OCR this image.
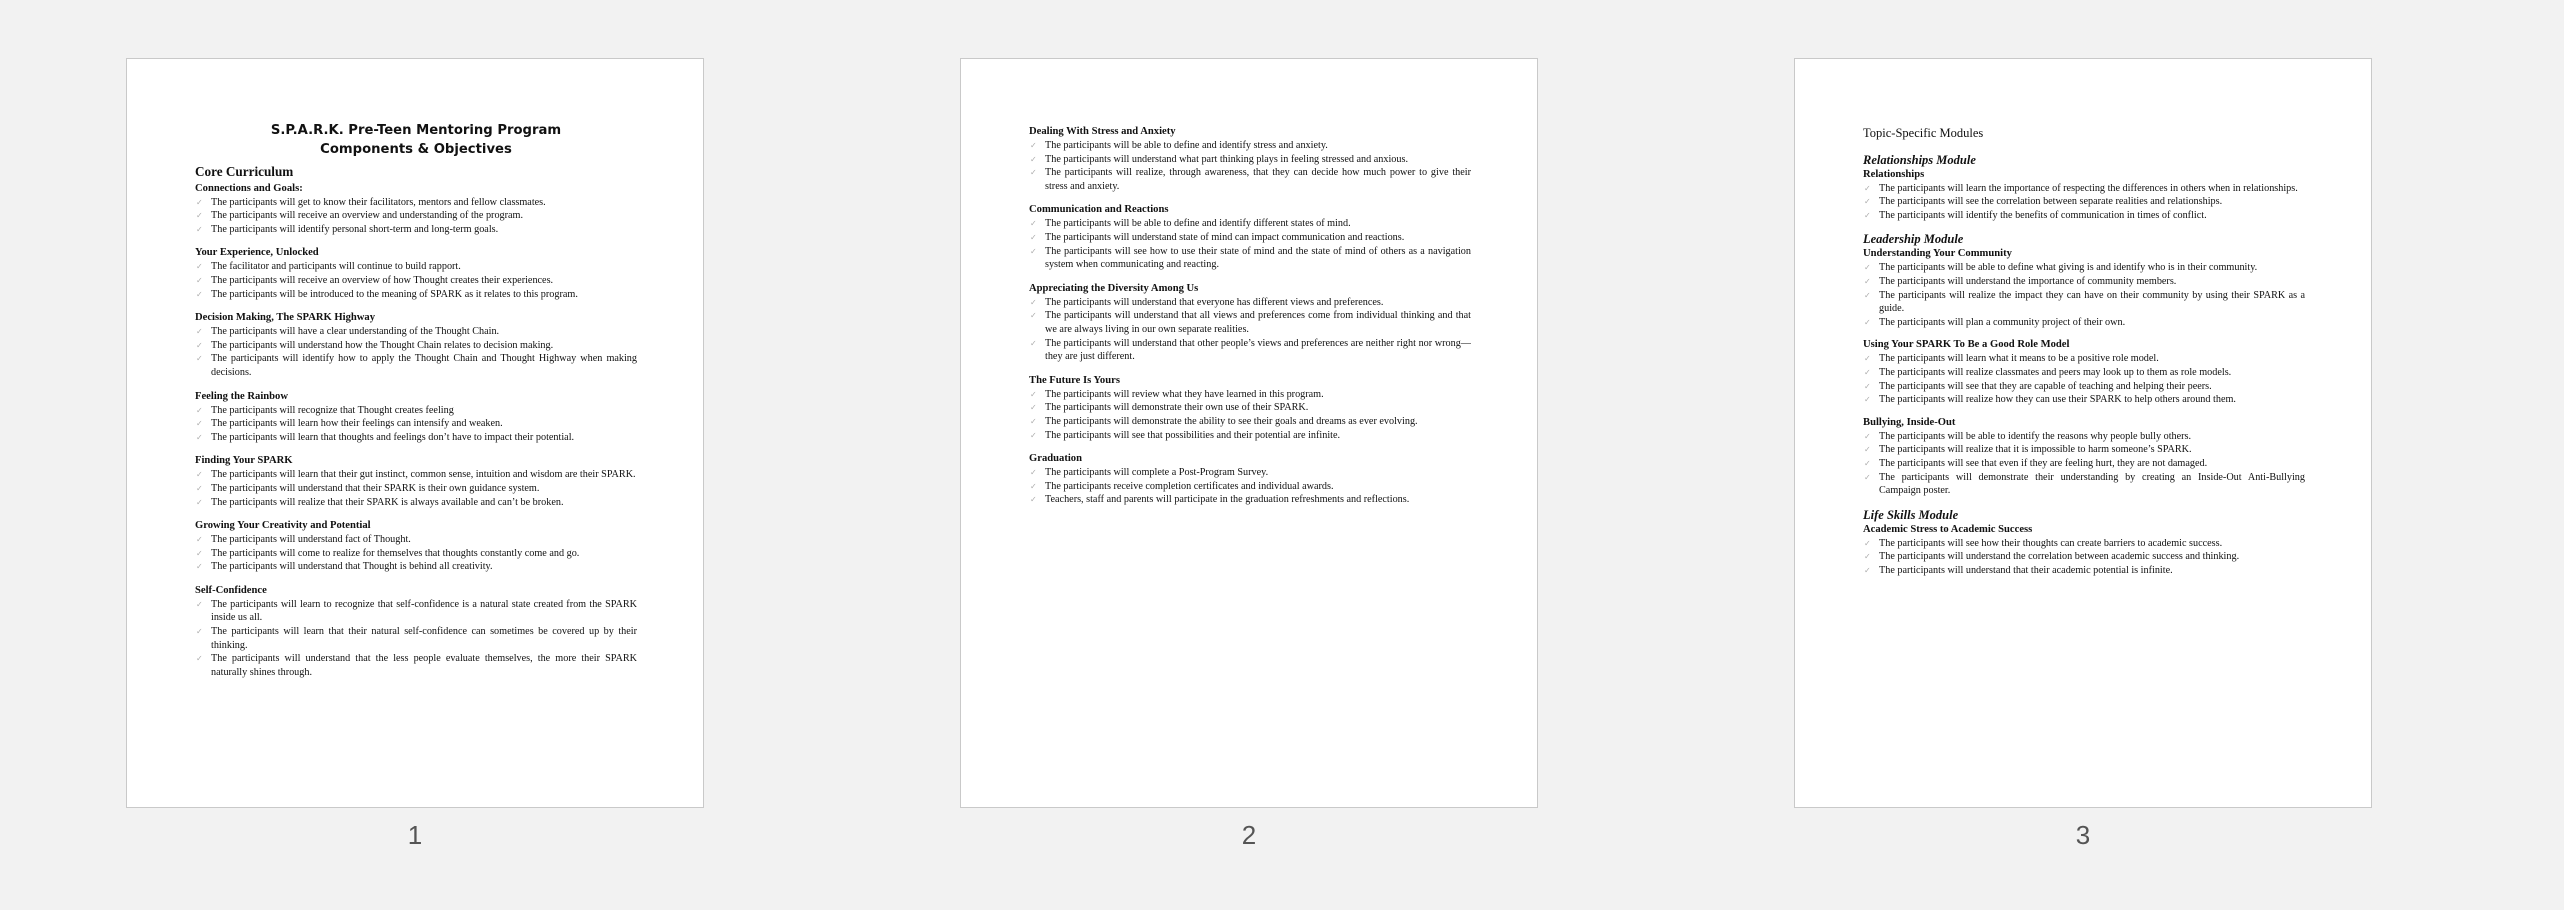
S.P.A.R.K. Pre-Teen Mentoring Program
Components & Objectives
Core Curriculum
Connections and Goals:
✓ The participants will get to know their facilitators, mentors and fellow classmates.
✓ The participants will receive an overview and understanding of the program.
✓ The participants will identify personal short-term and long-term goals.
Your Experience, Unlocked
✓ The facilitator and participants will continue to build rapport.
✓ The participants will receive an overview of how Thought creates their experiences.
✓ The participants will be introduced to the meaning of SPARK as it relates to this program.
Decision Making, The SPARK Highway
✓ The participants will have a clear understanding of the Thought Chain.
✓ The participants will understand how the Thought Chain relates to decision making.
✓ The participants will identify how to apply the Thought Chain and Thought Highway when making decisions.
Feeling the Rainbow
✓ The participants will recognize that Thought creates feeling
✓ The participants will learn how their feelings can intensify and weaken.
✓ The participants will learn that thoughts and feelings don’t have to impact their potential.
Finding Your SPARK
✓ The participants will learn that their gut instinct, common sense, intuition and wisdom are their SPARK.
✓ The participants will understand that their SPARK is their own guidance system.
✓ The participants will realize that their SPARK is always available and can’t be broken.
Growing Your Creativity and Potential
✓ The participants will understand fact of Thought.
✓ The participants will come to realize for themselves that thoughts constantly come and go.
✓ The participants will understand that Thought is behind all creativity.
Self-Confidence
✓ The participants will learn to recognize that self-confidence is a natural state created from the SPARK inside us all.
✓ The participants will learn that their natural self-confidence can sometimes be covered up by their thinking.
✓ The participants will understand that the less people evaluate themselves, the more their SPARK naturally shines through.
1
Dealing With Stress and Anxiety
✓ The participants will be able to define and identify stress and anxiety.
✓ The participants will understand what part thinking plays in feeling stressed and anxious.
✓ The participants will realize, through awareness, that they can decide how much power to give their stress and anxiety.
Communication and Reactions
✓ The participants will be able to define and identify different states of mind.
✓ The participants will understand state of mind can impact communication and reactions.
✓ The participants will see how to use their state of mind and the state of mind of others as a navigation system when communicating and reacting.
Appreciating the Diversity Among Us
✓ The participants will understand that everyone has different views and preferences.
✓ The participants will understand that all views and preferences come from individual thinking and that we are always living in our own separate realities.
✓ The participants will understand that other people’s views and preferences are neither right nor wrong—they are just different.
The Future Is Yours
✓ The participants will review what they have learned in this program.
✓ The participants will demonstrate their own use of their SPARK.
✓ The participants will demonstrate the ability to see their goals and dreams as ever evolving.
✓ The participants will see that possibilities and their potential are infinite.
Graduation
✓ The participants will complete a Post-Program Survey.
✓ The participants receive completion certificates and individual awards.
✓ Teachers, staff and parents will participate in the graduation refreshments and reflections.
2
Topic-Specific Modules
Relationships Module
Relationships
✓ The participants will learn the importance of respecting the differences in others when in relationships.
✓ The participants will see the correlation between separate realities and relationships.
✓ The participants will identify the benefits of communication in times of conflict.
Leadership Module
Understanding Your Community
✓ The participants will be able to define what giving is and identify who is in their community.
✓ The participants will understand the importance of community members.
✓ The participants will realize the impact they can have on their community by using their SPARK as a guide.
✓ The participants will plan a community project of their own.
Using Your SPARK To Be a Good Role Model
✓ The participants will learn what it means to be a positive role model.
✓ The participants will realize classmates and peers may look up to them as role models.
✓ The participants will see that they are capable of teaching and helping their peers.
✓ The participants will realize how they can use their SPARK to help others around them.
Bullying, Inside-Out
✓ The participants will be able to identify the reasons why people bully others.
✓ The participants will realize that it is impossible to harm someone’s SPARK.
✓ The participants will see that even if they are feeling hurt, they are not damaged.
✓ The participants will demonstrate their understanding by creating an Inside-Out Anti-Bullying Campaign poster.
Life Skills Module
Academic Stress to Academic Success
✓ The participants will see how their thoughts can create barriers to academic success.
✓ The participants will understand the correlation between academic success and thinking.
✓ The participants will understand that their academic potential is infinite.
3
